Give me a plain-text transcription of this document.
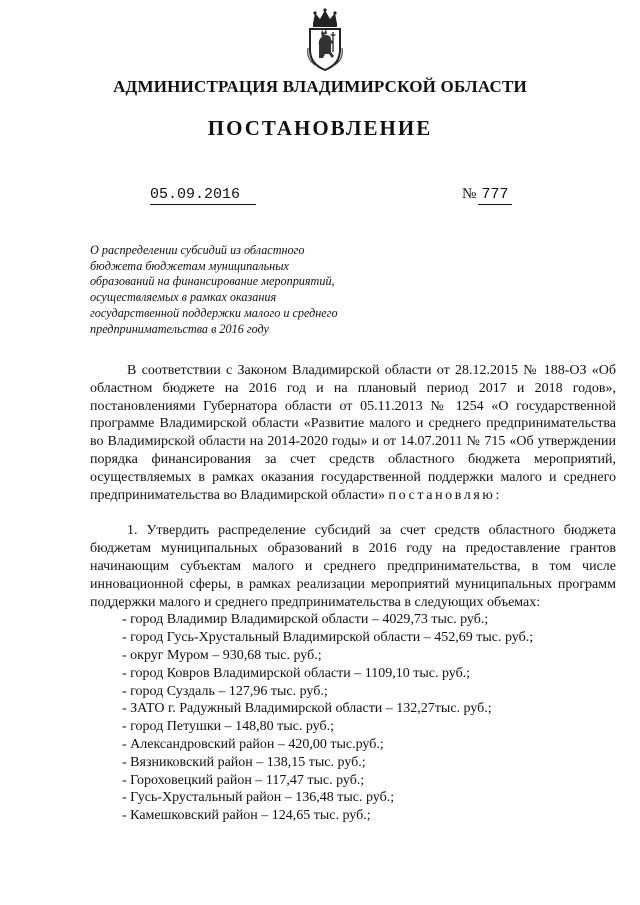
АДМИНИСТРАЦИЯ ВЛАДИМИРСКОЙ ОБЛАСТИ
ПОСТАНОВЛЕНИЕ
05.09.2016	№ 777
О распределении субсидий из областного
бюджета бюджетам муниципальных
образований на финансирование мероприятий,
осуществляемых в рамках оказания
государственной поддержки малого и среднего
предпринимательства в 2016 году

В соответствии с Законом Владимирской области от 28.12.2015 № 188-ОЗ «Об областном бюджете на 2016 год и на плановый период 2017 и 2018 годов», постановлениями Губернатора области от 05.11.2013 № 1254 «О государственной программе Владимирской области «Развитие малого и среднего предпринимательства во Владимирской области на 2014-2020 годы» и от 14.07.2011 № 715 «Об утверждении порядка финансирования за счет средств областного бюджета мероприятий, осуществляемых в рамках оказания государственной поддержки малого и среднего предпринимательства во Владимирской области» постановляю:

1. Утвердить распределение субсидий за счет средств областного бюджета бюджетам муниципальных образований в 2016 году на предоставление грантов начинающим субъектам малого и среднего предпринимательства, в том числе инновационной сферы, в рамках реализации мероприятий муниципальных программ поддержки малого и среднего предпринимательства в следующих объемах:

- город Владимир Владимирской области – 4029,73 тыс. руб.;
- город Гусь-Хрустальный Владимирской области – 452,69 тыс. руб.;
- округ Муром – 930,68 тыс. руб.;
- город Ковров Владимирской области – 1109,10 тыс. руб.;
- город Суздаль – 127,96 тыс. руб.;
- ЗАТО г. Радужный Владимирской области – 132,27тыс. руб.;
- город Петушки – 148,80 тыс. руб.;
- Александровский район – 420,00 тыс.руб.;
- Вязниковский район – 138,15 тыс. руб.;
- Гороховецкий район – 117,47 тыс. руб.;
- Гусь-Хрустальный район – 136,48 тыс. руб.;
- Камешковский район – 124,65 тыс. руб.;
